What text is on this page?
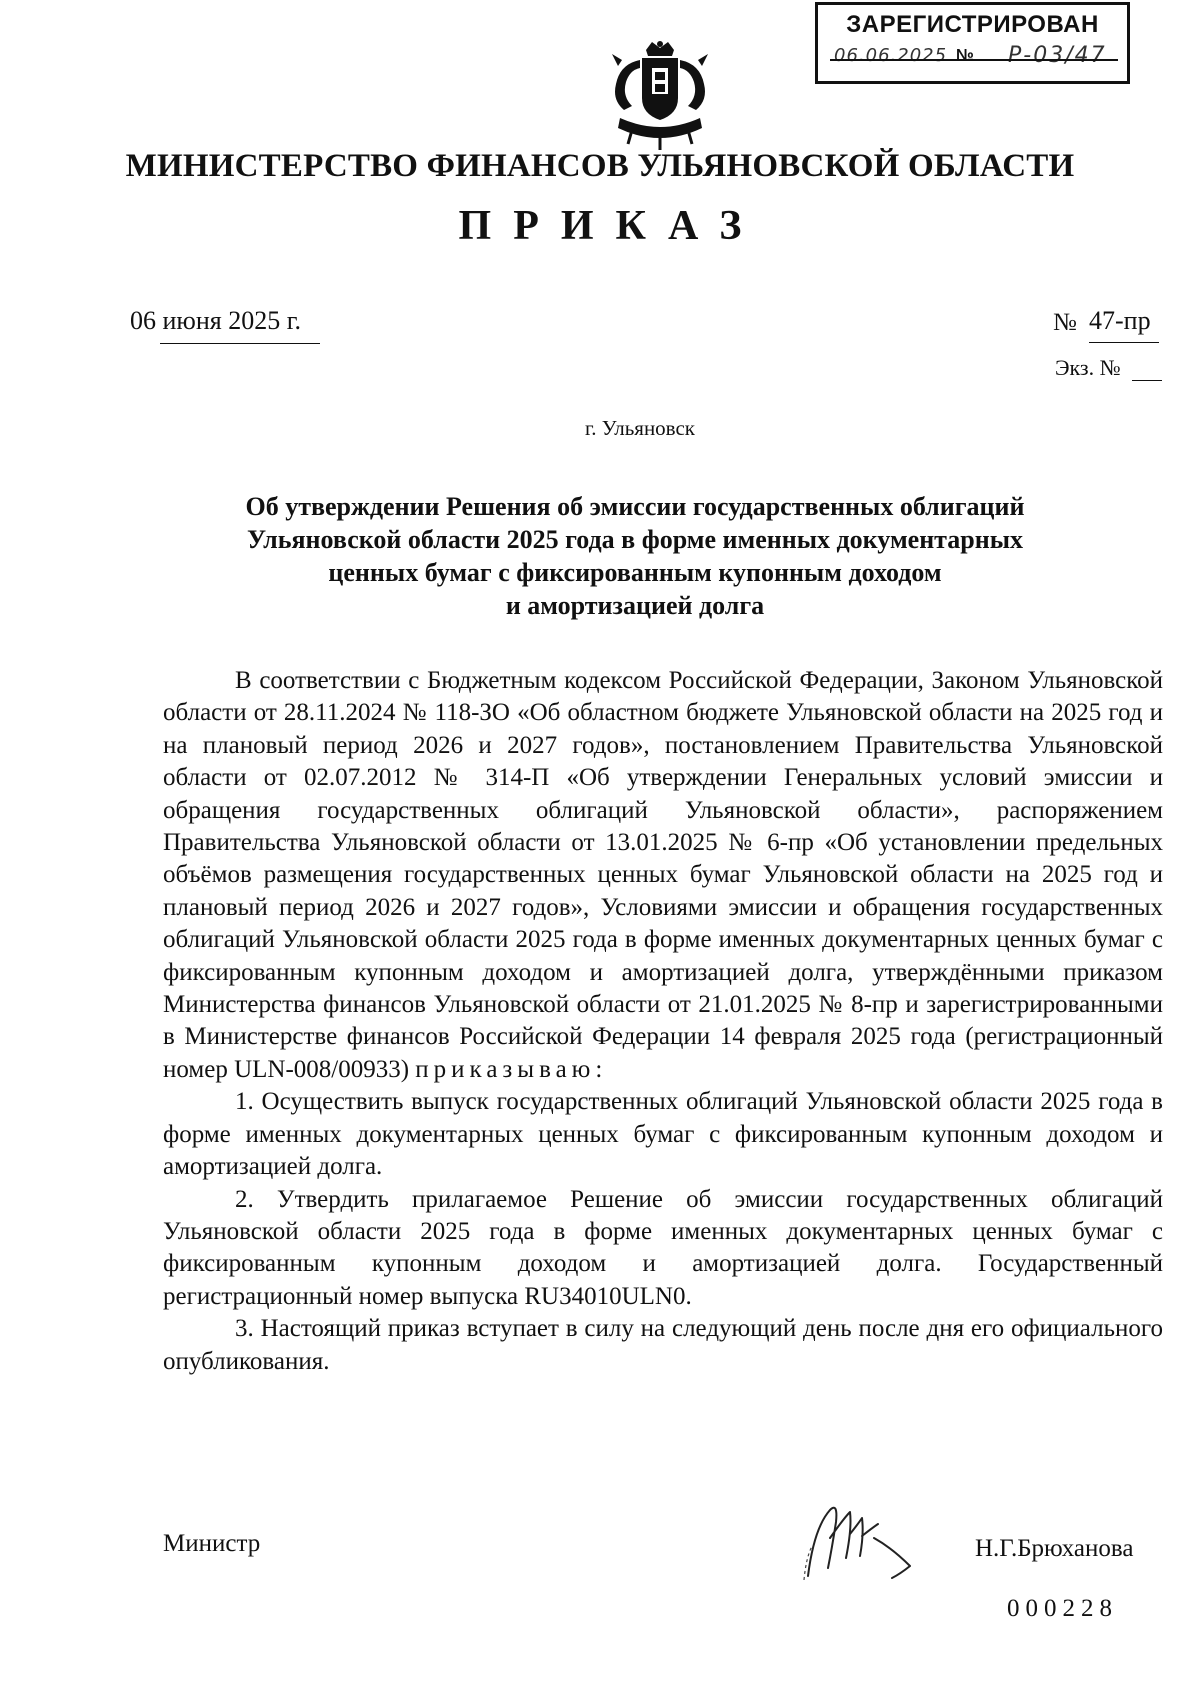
ЗАРЕГИСТРИРОВАН
06.06.2025 № Р-03/47
МИНИСТЕРСТВО ФИНАНСОВ УЛЬЯНОВСКОЙ ОБЛАСТИ
ПРИКАЗ
06 июня 2025 г.	№ 47-пр
Экз. №
г. Ульяновск
Об утверждении Решения об эмиссии государственных облигаций
Ульяновской области 2025 года в форме именных документарных
ценных бумаг с фиксированным купонным доходом
и амортизацией долга

В соответствии с Бюджетным кодексом Российской Федерации, Законом Ульяновской области от 28.11.2024 № 118-ЗО «Об областном бюджете Ульяновской области на 2025 год и на плановый период 2026 и 2027 годов», постановлением Правительства Ульяновской области от 02.07.2012 № 314-П «Об утверждении Генеральных условий эмиссии и обращения государственных облигаций Ульяновской области», распоряжением Правительства Ульяновской области от 13.01.2025 № 6-пр «Об установлении предельных объёмов размещения государственных ценных бумаг Ульяновской области на 2025 год и плановый период 2026 и 2027 годов», Условиями эмиссии и обращения государственных облигаций Ульяновской области 2025 года в форме именных документарных ценных бумаг с фиксированным купонным доходом и амортизацией долга, утверждёнными приказом Министерства финансов Ульяновской области от 21.01.2025 № 8-пр и зарегистрированными в Министерстве финансов Российской Федерации 14 февраля 2025 года (регистрационный номер ULN-008/00933) приказываю:

1. Осуществить выпуск государственных облигаций Ульяновской области 2025 года в форме именных документарных ценных бумаг с фиксированным купонным доходом и амортизацией долга.

2. Утвердить прилагаемое Решение об эмиссии государственных облигаций Ульяновской области 2025 года в форме именных документарных ценных бумаг с фиксированным купонным доходом и амортизацией долга. Государственный регистрационный номер выпуска RU34010ULN0.

3. Настоящий приказ вступает в силу на следующий день после дня его официального опубликования.

Министр	Н.Г.Брюханова
000228
